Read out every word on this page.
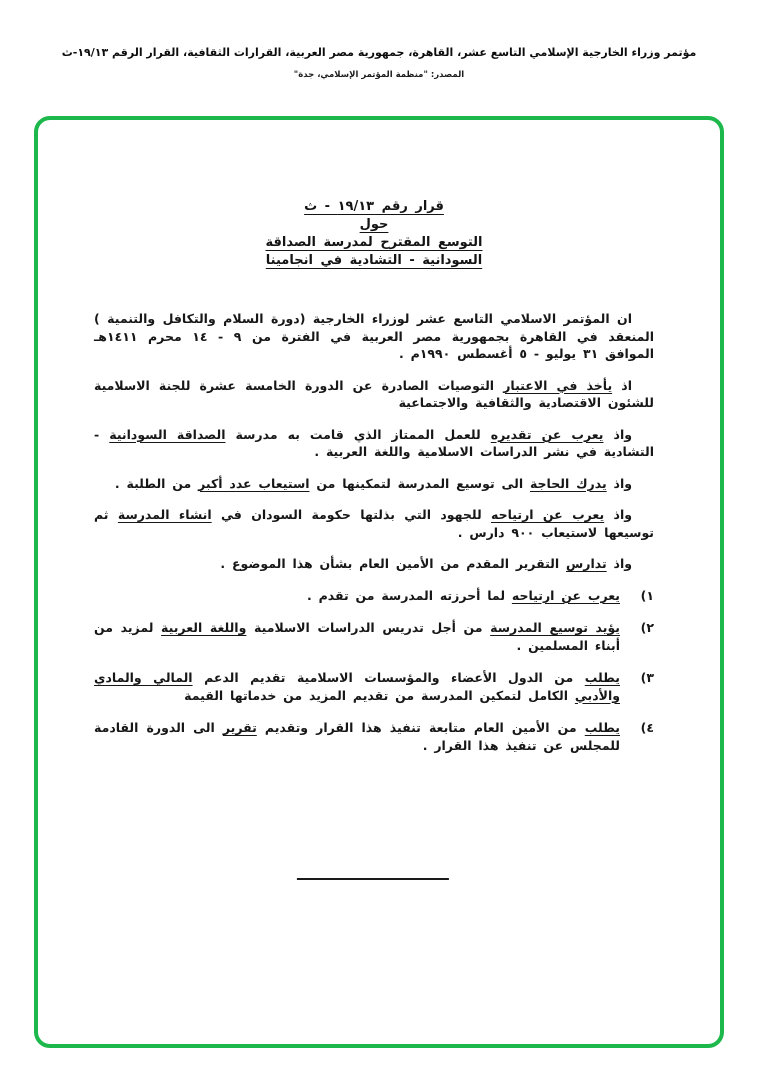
مؤتمر وزراء الخارجية الإسلامي التاسع عشر، القاهرة، جمهورية مصر العربية، القرارات الثقافية، القرار الرقم ١٩/١٣-ث
المصدر: "منظمة المؤتمر الإسلامي، جدة"
قرار رقم ١٩/١٣ - ث
حول
التوسع المقترح لمدرسة الصداقة
السودانية - التشادية في انجامينا

ان المؤتمر الاسلامي التاسع عشر لوزراء الخارجية (دورة السلام والتكافل والتنمية ) المنعقد في القاهرة بجمهورية مصر العربية في الفترة من ٩ - ١٤ محرم ١٤١١هـ الموافق ٣١ يوليو - ٥ أغسطس ١٩٩٠م .

اذ يأخذ في الاعتبار التوصيات الصادرة عن الدورة الخامسة عشرة للجنة الاسلامية للشئون الاقتصادية والثقافية والاجتماعية

واذ يعرب عن تقديره للعمل الممتاز الذي قامت به مدرسة الصداقة السودانية - التشادية في نشر الدراسات الاسلامية واللغة العربية .

واذ يدرك الحاجة الى توسيع المدرسة لتمكينها من استيعاب عدد أكبر من الطلبة .

واذ يعرب عن ارتياحه للجهود التي بذلتها حكومة السودان في انشاء المدرسة ثم توسيعها لاستيعاب ٩٠٠ دارس .

واذ تدارس التقرير المقدم من الأمين العام بشأن هذا الموضوع .

١)
يعرب عن ارتياحه لما أحرزته المدرسة من تقدم .
٢)
يؤيد توسيع المدرسة من أجل تدريس الدراسات الاسلامية واللغة العربية لمزيد من أبناء المسلمين .
٣)
يطلب من الدول الأعضاء والمؤسسات الاسلامية تقديم الدعم المالي والمادي والأدبي الكامل لتمكين المدرسة من تقديم المزيد من خدماتها القيمة
٤)
يطلب من الأمين العام متابعة تنفيذ هذا القرار وتقديم تقرير الى الدورة القادمة للمجلس عن تنفيذ هذا القرار .
